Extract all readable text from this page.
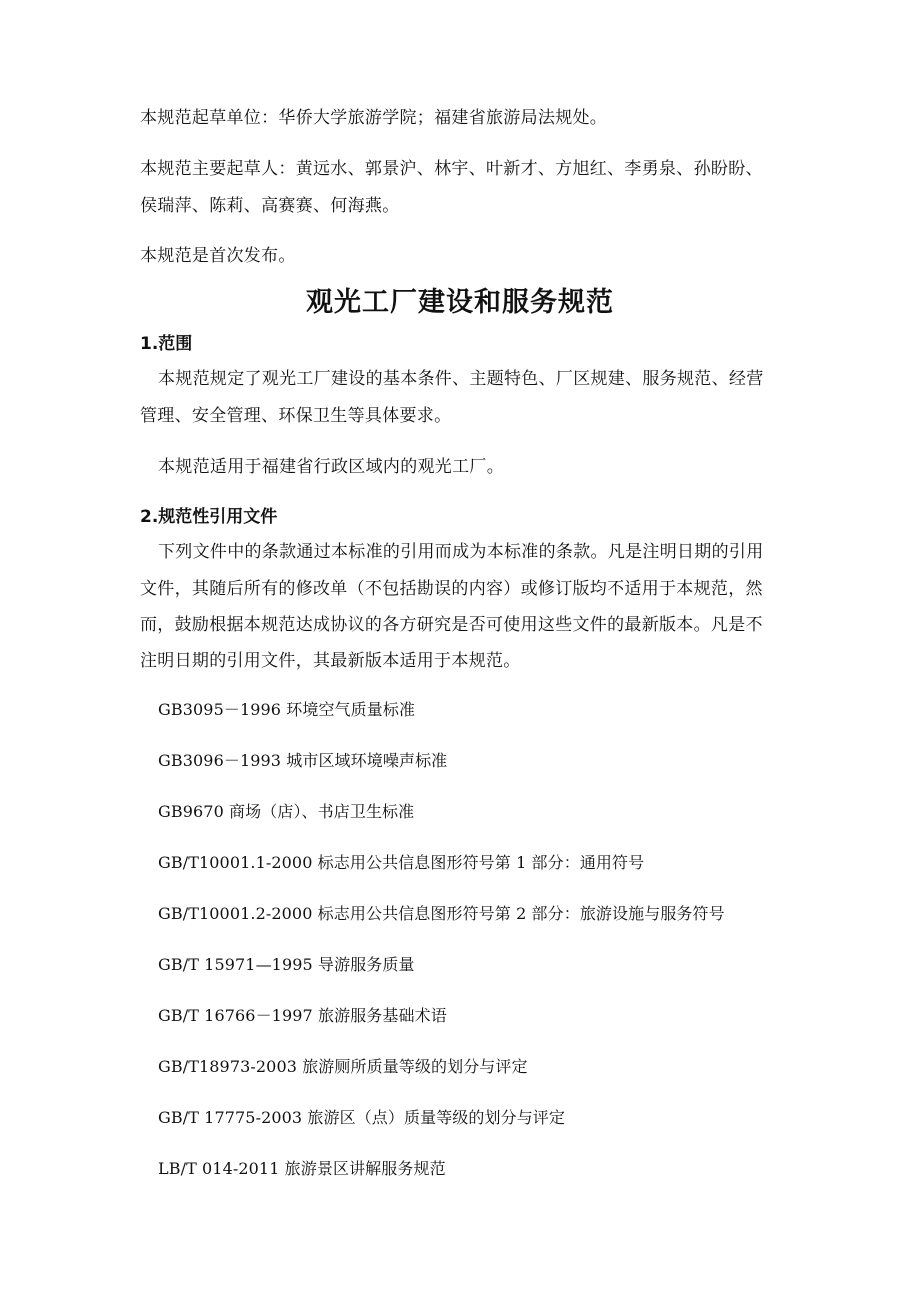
本规范起草单位：华侨大学旅游学院；福建省旅游局法规处。
本规范主要起草人：黄远水、郭景沪、林宇、叶新才、方旭红、李勇泉、孙盼盼、
侯瑞萍、陈莉、高赛赛、何海燕。
本规范是首次发布。
观光工厂建设和服务规范
1.范围
本规范规定了观光工厂建设的基本条件、主题特色、厂区规建、服务规范、经营
管理、安全管理、环保卫生等具体要求。
本规范适用于福建省行政区域内的观光工厂。
2.规范性引用文件
下列文件中的条款通过本标准的引用而成为本标准的条款。凡是注明日期的引用
文件，其随后所有的修改单（不包括勘误的内容）或修订版均不适用于本规范，然
而，鼓励根据本规范达成协议的各方研究是否可使用这些文件的最新版本。凡是不
注明日期的引用文件，其最新版本适用于本规范。
GB3095－1996 环境空气质量标准
GB3096－1993 城市区域环境噪声标准
GB9670 商场（店）、书店卫生标准
GB/T10001.1-2000 标志用公共信息图形符号第 1 部分：通用符号
GB/T10001.2-2000 标志用公共信息图形符号第 2 部分：旅游设施与服务符号
GB/T 15971—1995 导游服务质量
GB/T 16766－1997 旅游服务基础术语
GB/T18973-2003 旅游厕所质量等级的划分与评定
GB/T 17775-2003 旅游区（点）质量等级的划分与评定
LB/T 014-2011 旅游景区讲解服务规范
